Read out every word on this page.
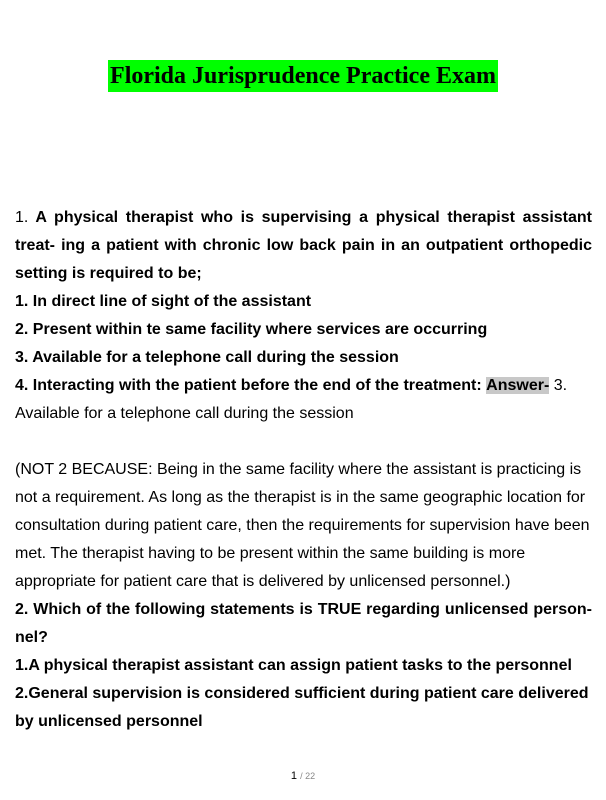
Florida Jurisprudence Practice Exam

1. A physical therapist who is supervising a physical therapist assistant treat- ing a patient with chronic low back pain in an outpatient orthopedic setting is required to be;

1. In direct line of sight of the assistant

2. Present within te same facility where services are occurring

3. Available for a telephone call during the session

4. Interacting with the patient before the end of the treatment: Answer- 3. Available for a telephone call during the session

(NOT 2 BECAUSE: Being in the same facility where the assistant is practicing is not a requirement. As long as the therapist is in the same geographic location for consultation during patient care, then the requirements for supervision have been met. The therapist having to be present within the same building is more appropriate for patient care that is delivered by unlicensed personnel.)

2. Which of the following statements is TRUE regarding unlicensed person- nel?

1.A physical therapist assistant can assign patient tasks to the personnel

2.General supervision is considered sufficient during patient care delivered by unlicensed personnel

1 / 22
